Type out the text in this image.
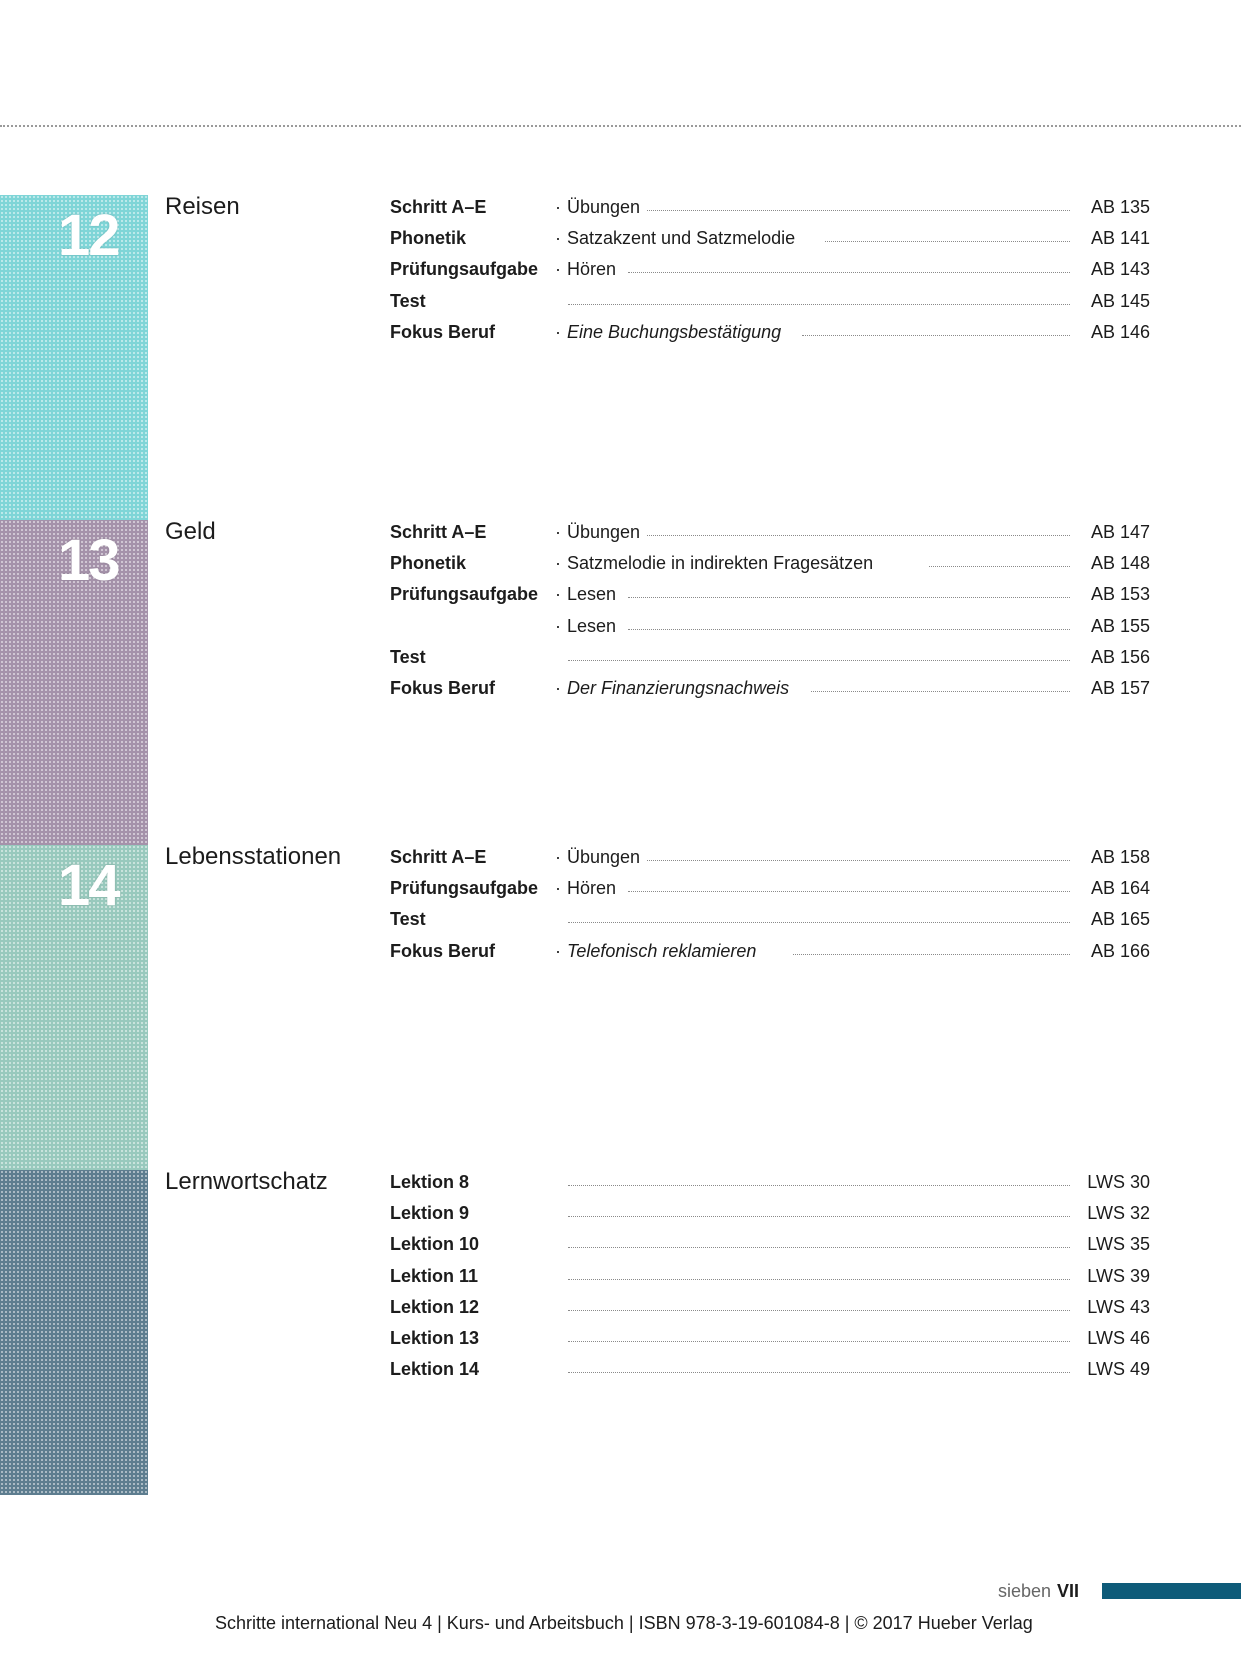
12 Reisen	Schritt A–E	· Übungen	AB 135
Phonetik	· Satzakzent und Satzmelodie	AB 141
Prüfungsaufgabe · Hören	AB 143
Test	AB 145
Fokus Beruf	· Eine Buchungsbestätigung	AB 146
13 Geld	Schritt A–E	· Übungen	AB 147
Phonetik	· Satzmelodie in indirekten Fragesätzen	AB 148
Prüfungsaufgabe · Lesen	AB 153
· Lesen	AB 155
Test	AB 156
Fokus Beruf	· Der Finanzierungsnachweis	AB 157
14 Lebensstationen	Schritt A–E	· Übungen	AB 158
Prüfungsaufgabe · Hören	AB 164
Test	AB 165
Fokus Beruf	· Telefonisch reklamieren	AB 166
Lernwortschatz	Lektion 8	LWS 30
Lektion 9	LWS 32
Lektion 10	LWS 35
Lektion 11	LWS 39
Lektion 12	LWS 43
Lektion 13	LWS 46
Lektion 14	LWS 49
sieben VII
Schritte international Neu 4 | Kurs- und Arbeitsbuch | ISBN 978-3-19-601084-8 | © 2017 Hueber Verlag
